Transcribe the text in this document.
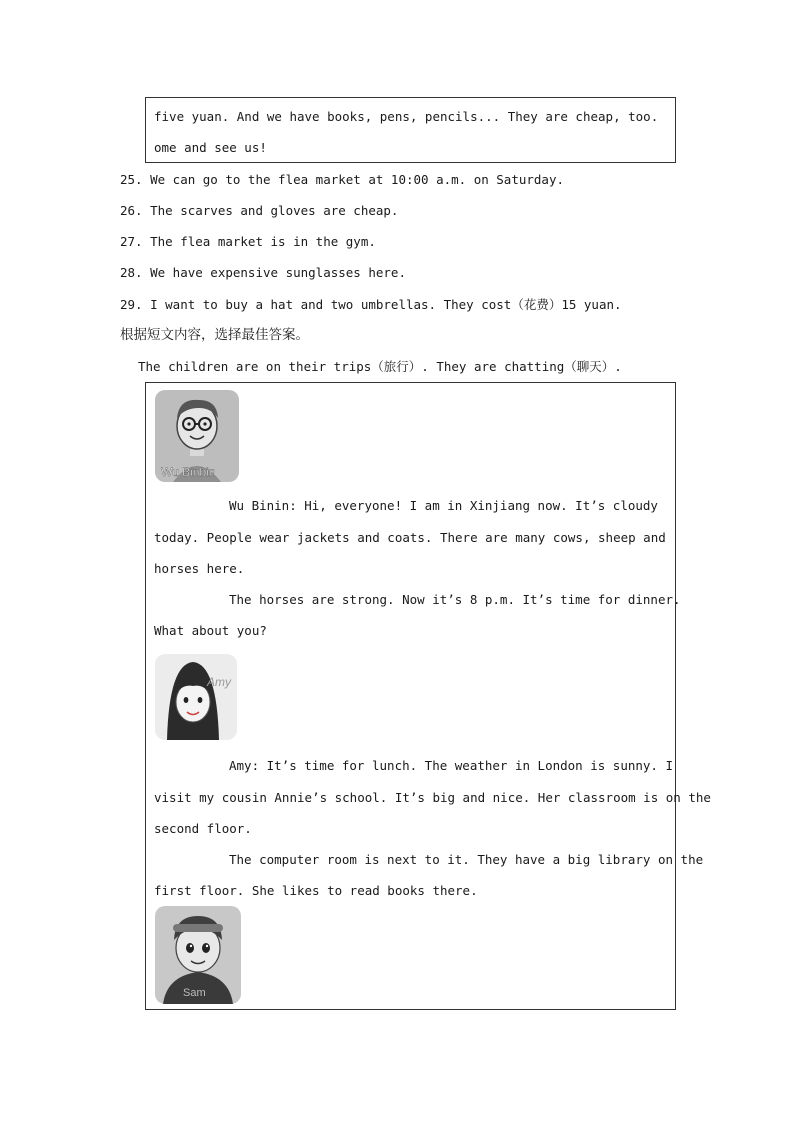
five yuan. And we have books, pens, pencils... They are cheap, too.
ome and see us!
25. We can go to the flea market at 10:00 a.m. on Saturday.
26. The scarves and gloves are cheap.
27. The flea market is in the gym.
28. We have expensive sunglasses here.
29. I want to buy a hat and two umbrellas. They cost（花费）15 yuan.
根据短文内容，选择最佳答案。
The children are on their trips（旅行）. They are chatting（聊天）.
Wu Binbin
Wu Binin: Hi, everyone! I am in Xinjiang now. It’s cloudy
today. People wear jackets and coats. There are many cows, sheep and
horses here.
The horses are strong. Now it’s 8 p.m. It’s time for dinner.
What about you?
Amy
Amy: It’s time for lunch. The weather in London is sunny. I
visit my cousin Annie’s school. It’s big and nice. Her classroom is on the
second floor.
The computer room is next to it. They have a big library on the
first floor. She likes to read books there.
Sam
